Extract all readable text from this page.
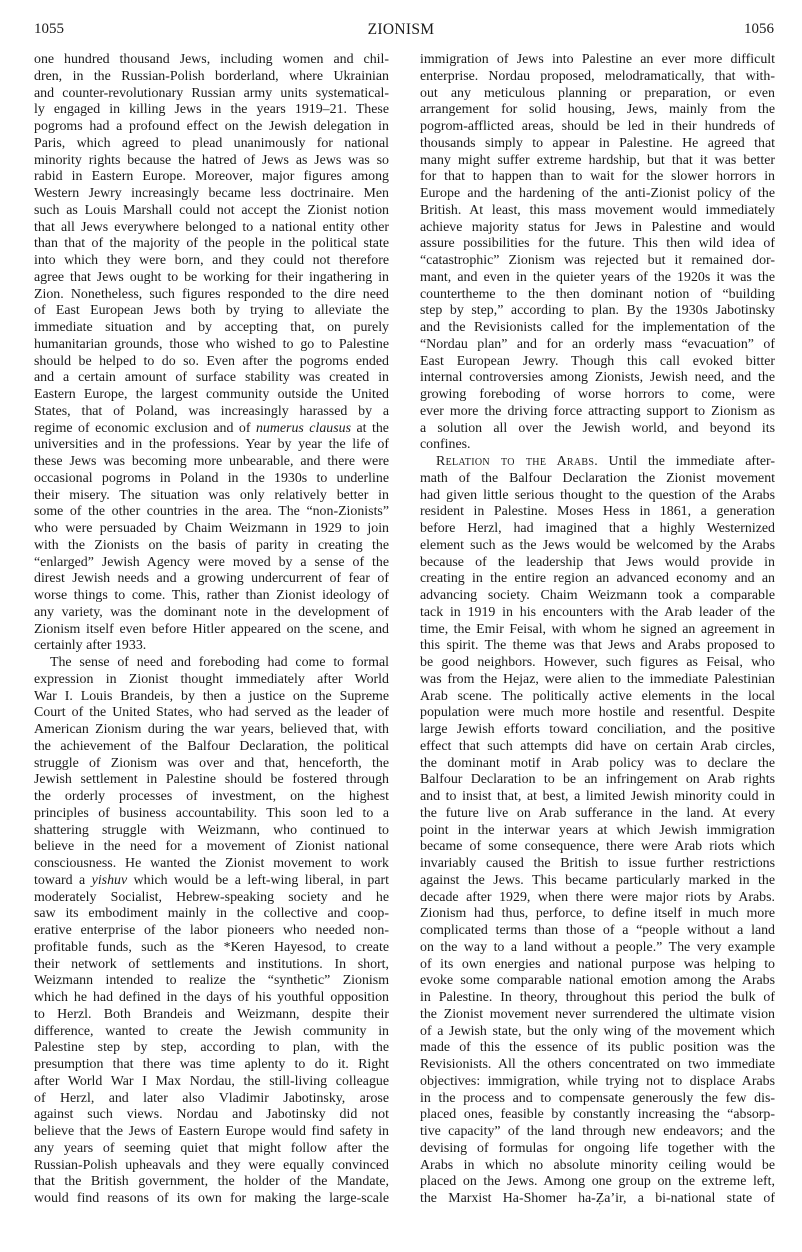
1055	ZIONISM	1056
one hundred thousand Jews, including women and chil-
dren, in the Russian-Polish borderland, where Ukrainian
and counter-revolutionary Russian army units systematical-
ly engaged in killing Jews in the years 1919–21. These
pogroms had a profound effect on the Jewish delegation in
Paris, which agreed to plead unanimously for national
minority rights because the hatred of Jews as Jews was so
rabid in Eastern Europe. Moreover, major figures among
Western Jewry increasingly became less doctrinaire. Men
such as Louis Marshall could not accept the Zionist notion
that all Jews everywhere belonged to a national entity other
than that of the majority of the people in the political state
into which they were born, and they could not therefore
agree that Jews ought to be working for their ingathering in
Zion. Nonetheless, such figures responded to the dire need
of East European Jews both by trying to alleviate the
immediate situation and by accepting that, on purely
humanitarian grounds, those who wished to go to Palestine
should be helped to do so. Even after the pogroms ended
and a certain amount of surface stability was created in
Eastern Europe, the largest community outside the United
States, that of Poland, was increasingly harassed by a
regime of economic exclusion and of numerus clausus at the
universities and in the professions. Year by year the life of
these Jews was becoming more unbearable, and there were
occasional pogroms in Poland in the 1930s to underline
their misery. The situation was only relatively better in
some of the other countries in the area. The “non-Zionists”
who were persuaded by Chaim Weizmann in 1929 to join
with the Zionists on the basis of parity in creating the
“enlarged” Jewish Agency were moved by a sense of the
direst Jewish needs and a growing undercurrent of fear of
worse things to come. This, rather than Zionist ideology of
any variety, was the dominant note in the development of
Zionism itself even before Hitler appeared on the scene, and
certainly after 1933.
The sense of need and foreboding had come to formal
expression in Zionist thought immediately after World
War I. Louis Brandeis, by then a justice on the Supreme
Court of the United States, who had served as the leader of
American Zionism during the war years, believed that, with
the achievement of the Balfour Declaration, the political
struggle of Zionism was over and that, henceforth, the
Jewish settlement in Palestine should be fostered through
the orderly processes of investment, on the highest
principles of business accountability. This soon led to a
shattering struggle with Weizmann, who continued to
believe in the need for a movement of Zionist national
consciousness. He wanted the Zionist movement to work
toward a yishuv which would be a left-wing liberal, in part
moderately Socialist, Hebrew-speaking society and he
saw its embodiment mainly in the collective and coop-
erative enterprise of the labor pioneers who needed non-
profitable funds, such as the *Keren Hayesod, to create
their network of settlements and institutions. In short,
Weizmann intended to realize the “synthetic” Zionism
which he had defined in the days of his youthful opposition
to Herzl. Both Brandeis and Weizmann, despite their
difference, wanted to create the Jewish community in
Palestine step by step, according to plan, with the
presumption that there was time aplenty to do it. Right
after World War I Max Nordau, the still-living colleague
of Herzl, and later also Vladimir Jabotinsky, arose
against such views. Nordau and Jabotinsky did not
believe that the Jews of Eastern Europe would find safety in
any years of seeming quiet that might follow after the
Russian-Polish upheavals and they were equally convinced
that the British government, the holder of the Mandate,
would find reasons of its own for making the large-scale
immigration of Jews into Palestine an ever more difficult
enterprise. Nordau proposed, melodramatically, that with-
out any meticulous planning or preparation, or even
arrangement for solid housing, Jews, mainly from the
pogrom-afflicted areas, should be led in their hundreds of
thousands simply to appear in Palestine. He agreed that
many might suffer extreme hardship, but that it was better
for that to happen than to wait for the slower horrors in
Europe and the hardening of the anti-Zionist policy of the
British. At least, this mass movement would immediately
achieve majority status for Jews in Palestine and would
assure possibilities for the future. This then wild idea of
“catastrophic” Zionism was rejected but it remained dor-
mant, and even in the quieter years of the 1920s it was the
countertheme to the then dominant notion of “building
step by step,” according to plan. By the 1930s Jabotinsky
and the Revisionists called for the implementation of the
“Nordau plan” and for an orderly mass “evacuation” of
East European Jewry. Though this call evoked bitter
internal controversies among Zionists, Jewish need, and the
growing foreboding of worse horrors to come, were
ever more the driving force attracting support to Zionism as
a solution all over the Jewish world, and beyond its
confines.
Relation to the Arabs. Until the immediate after-
math of the Balfour Declaration the Zionist movement
had given little serious thought to the question of the Arabs
resident in Palestine. Moses Hess in 1861, a generation
before Herzl, had imagined that a highly Westernized
element such as the Jews would be welcomed by the Arabs
because of the leadership that Jews would provide in
creating in the entire region an advanced economy and an
advancing society. Chaim Weizmann took a comparable
tack in 1919 in his encounters with the Arab leader of the
time, the Emir Feisal, with whom he signed an agreement in
this spirit. The theme was that Jews and Arabs proposed to
be good neighbors. However, such figures as Feisal, who
was from the Hejaz, were alien to the immediate Palestinian
Arab scene. The politically active elements in the local
population were much more hostile and resentful. Despite
large Jewish efforts toward conciliation, and the positive
effect that such attempts did have on certain Arab circles,
the dominant motif in Arab policy was to declare the
Balfour Declaration to be an infringement on Arab rights
and to insist that, at best, a limited Jewish minority could in
the future live on Arab sufferance in the land. At every
point in the interwar years at which Jewish immigration
became of some consequence, there were Arab riots which
invariably caused the British to issue further restrictions
against the Jews. This became particularly marked in the
decade after 1929, when there were major riots by Arabs.
Zionism had thus, perforce, to define itself in much more
complicated terms than those of a “people without a land
on the way to a land without a people.” The very example
of its own energies and national purpose was helping to
evoke some comparable national emotion among the Arabs
in Palestine. In theory, throughout this period the bulk of
the Zionist movement never surrendered the ultimate vision
of a Jewish state, but the only wing of the movement which
made of this the essence of its public position was the
Revisionists. All the others concentrated on two immediate
objectives: immigration, while trying not to displace Arabs
in the process and to compensate generously the few dis-
placed ones, feasible by constantly increasing the “absorp-
tive capacity” of the land through new endeavors; and the
devising of formulas for ongoing life together with the
Arabs in which no absolute minority ceiling would be
placed on the Jews. Among one group on the extreme left,
the Marxist Ha-Shomer ha-Ẓa’ir, a bi-national state of
